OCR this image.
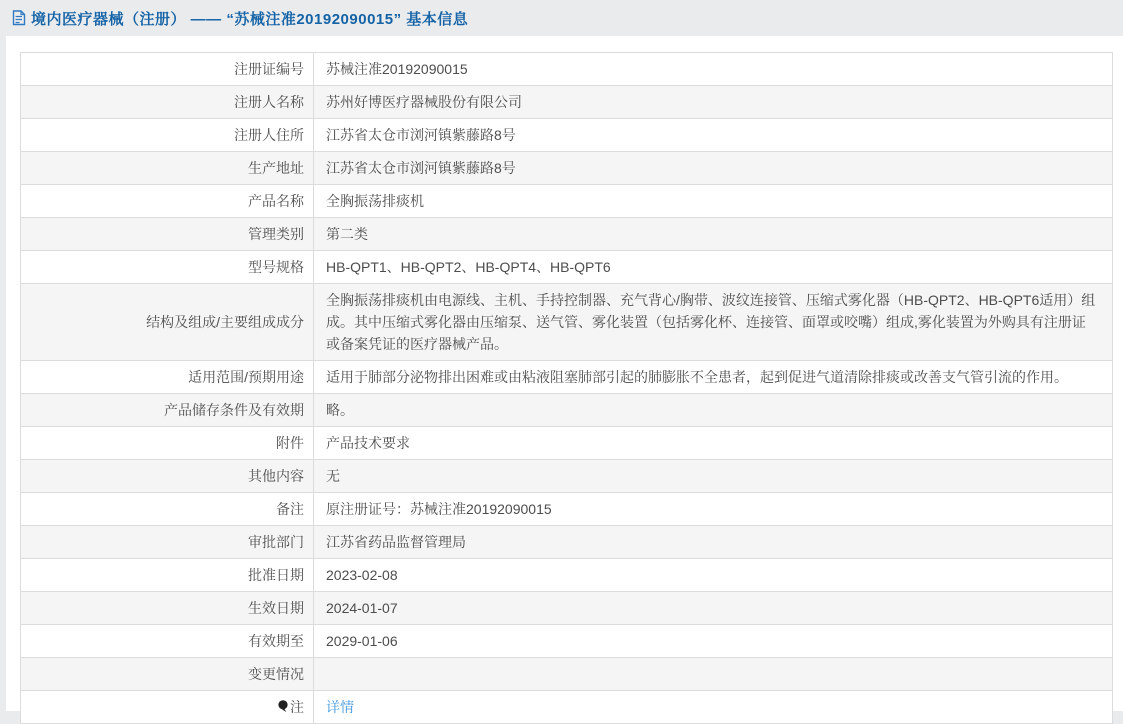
境内医疗器械（注册） —— “苏械注准20192090015” 基本信息
注册证编号	苏械注准20192090015
注册人名称	苏州好博医疗器械股份有限公司
注册人住所	江苏省太仓市浏河镇紫藤路8号
生产地址	江苏省太仓市浏河镇紫藤路8号
产品名称	全胸振荡排痰机
管理类别	第二类
型号规格	HB-QPT1、HB-QPT2、HB-QPT4、HB-QPT6
结构及组成/主要组成成分	全胸振荡排痰机由电源线、主机、手持控制器、充气背心/胸带、波纹连接管、压缩式雾化器（HB-QPT2、HB-QPT6适用）组成。其中压缩式雾化器由压缩泵、送气管、雾化装置（包括雾化杯、连接管、面罩或咬嘴）组成,雾化装置为外购具有注册证或备案凭证的医疗器械产品。
适用范围/预期用途	适用于肺部分泌物排出困难或由粘液阻塞肺部引起的肺膨胀不全患者，起到促进气道清除排痰或改善支气管引流的作用。
产品储存条件及有效期	略。
附件	产品技术要求
其他内容	无
备注	原注册证号：苏械注准20192090015
审批部门	江苏省药品监督管理局
批准日期	2023-02-08
生效日期	2024-01-07
有效期至	2029-01-06
变更情况	
注	详情
